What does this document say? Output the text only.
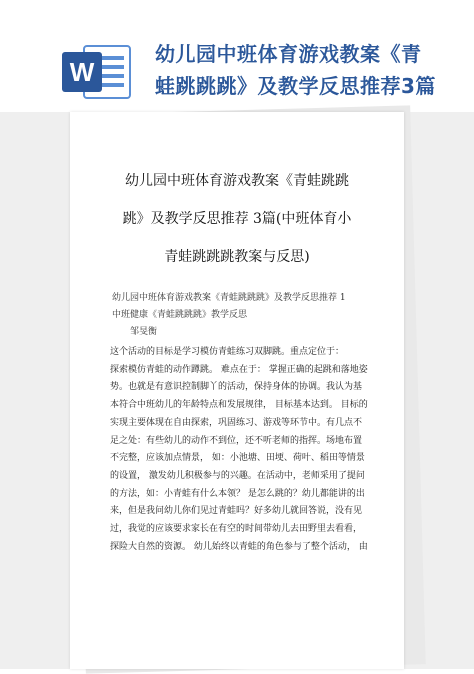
W
幼儿园中班体育游戏教案《青
蛙跳跳跳》及教学反思推荐3篇
幼儿园中班体育游戏教案《青蛙跳跳
跳》及教学反思推荐 3篇(中班体育小
青蛙跳跳跳教案与反思)
幼儿园中班体育游戏教案《青蛙跳跳跳》及教学反思推荐 1
中班健康《青蛙跳跳跳》教学反思
邹旻衡
这个活动的目标是学习模仿青蛙练习双脚跳。重点定位于：
探索模仿青蛙的动作蹲跳。 难点在于： 掌握正确的起跳和落地姿
势。也就是有意识控制脚丫的活动，保持身体的协调。我认为基
本符合中班幼儿的年龄特点和发展规律， 目标基本达到。 目标的
实现主要体现在自由探索，巩固练习、游戏等环节中。有几点不
足之处：有些幼儿的动作不到位，还不听老师的指挥。场地布置
不完整，应该加点情景， 如：小池塘、田埂、荷叶、稻田等情景
的设置， 激发幼儿积极参与的兴趣。在活动中，老师采用了提问
的方法，如：小青蛙有什么本领？ 是怎么跳的？幼儿都能讲的出
来，但是我问幼儿你们见过青蛙吗？好多幼儿就回答说，没有见
过，我觉的应该要求家长在有空的时间带幼儿去田野里去看看，
探险大自然的资源。 幼儿始终以青蛙的角色参与了整个活动， 由
